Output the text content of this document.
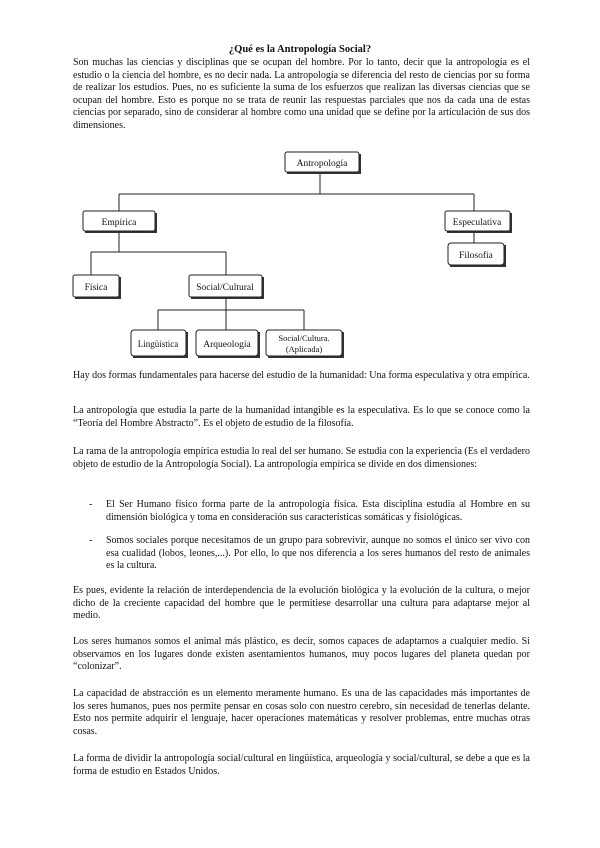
¿Qué es la Antropología Social?

Son muchas las ciencias y disciplinas que se ocupan del hombre. Por lo tanto, decir que la antropología es el estudio o la ciencia del hombre, es no decir nada. La antropología se diferencia del resto de ciencias por su forma de realizar los estudios. Pues, no es suficiente la suma de los esfuerzos que realizan las diversas ciencias que se ocupan del hombre. Esto es porque no se trata de reunir las respuestas parciales que nos da cada una de estas ciencias por separado, sino de considerar al hombre como una unidad que se define por la articulación de sus dos dimensiones.

Antropología
Empírica	Especulativa
Filosofía
Física	Social/Cultural
Lingüística	Arqueología
Social/Cultura.
(Aplicada)

Hay dos formas fundamentales para hacerse del estudio de la humanidad: Una forma especulativa y otra empírica.

La antropología que estudia la parte de la humanidad intangible es la especulativa. Es lo que se conoce como la “Teoría del Hombre Abstracto”. Es el objeto de estudio de la filosofía.

La rama de la antropología empírica estudia lo real del ser humano. Se estudia con la experiencia (Es el verdadero objeto de estudio de la Antropología Social). La antropología empírica se divide en dos dimensiones:

- El Ser Humano físico forma parte de la antropología física. Esta disciplina estudia al Hombre en su dimensión biológica y toma en consideración sus características somáticas y fisiológicas.

- Somos sociales porque necesitamos de un grupo para sobrevivir, aunque no somos el único ser vivo con esa cualidad (lobos, leones,...). Por ello, lo que nos diferencia a los seres humanos del resto de animales es la cultura.

Es pues, evidente la relación de interdependencia de la evolución biológica y la evolución de la cultura, o mejor dicho de la creciente capacidad del hombre que le permitiese desarrollar una cultura para adaptarse mejor al medio.

Los seres humanos somos el animal más plástico, es decir, somos capaces de adaptarnos a cualquier medio. Si observamos en los lugares donde existen asentamientos humanos, muy pocos lugares del planeta quedan por “colonizar”.

La capacidad de abstracción es un elemento meramente humano. Es una de las capacidades más importantes de los seres humanos, pues nos permite pensar en cosas solo con nuestro cerebro, sin necesidad de tenerlas delante. Esto nos permite adquirir el lenguaje, hacer operaciones matemáticas y resolver problemas, entre muchas otras cosas.

La forma de dividir la antropología social/cultural en lingüística, arqueología y social/cultural, se debe a que es la forma de estudio en Estados Unidos.
